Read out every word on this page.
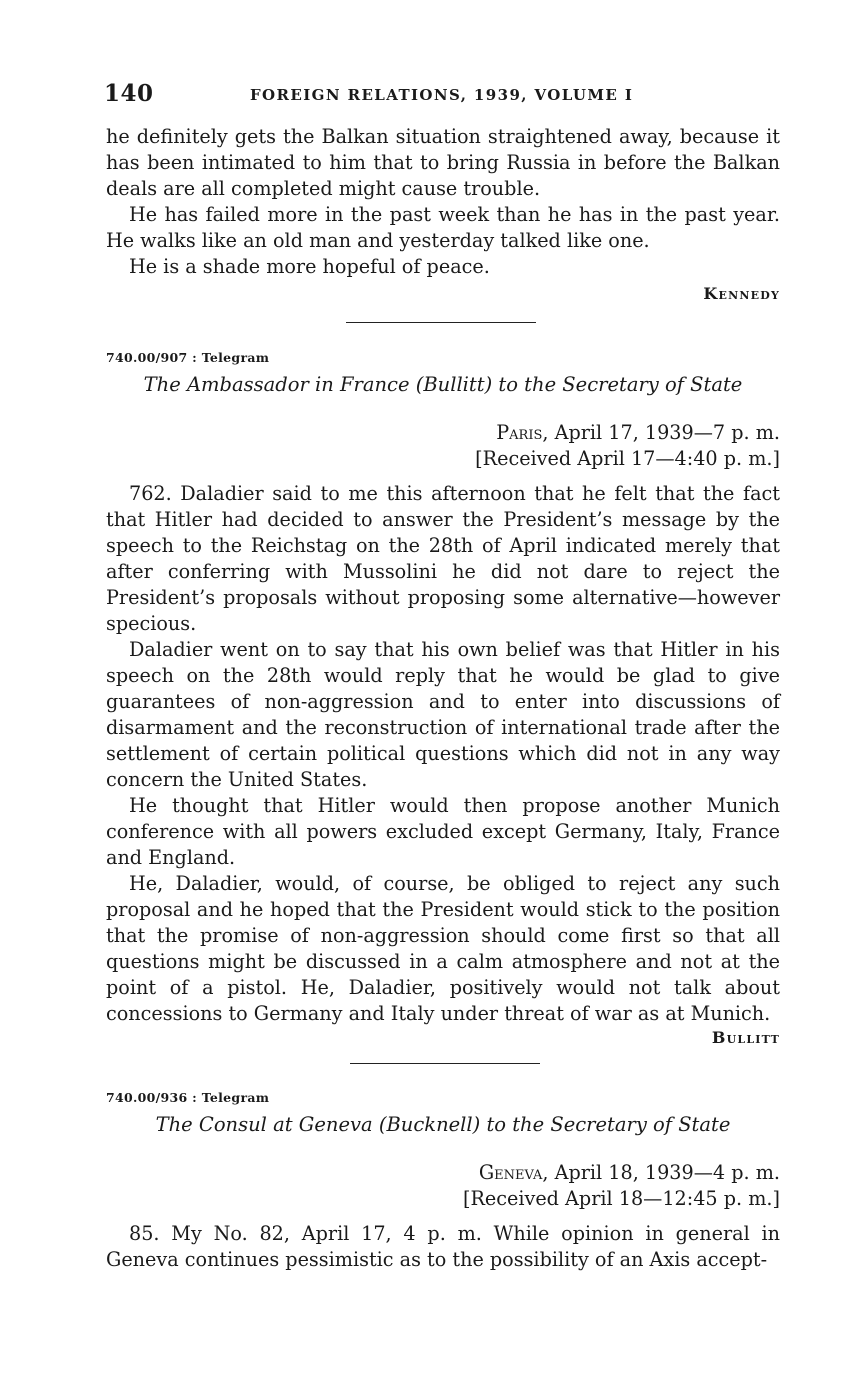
140	FOREIGN RELATIONS, 1939, VOLUME I

he definitely gets the Balkan situation straightened away, because it has been intimated to him that to bring Russia in before the Balkan deals are all completed might cause trouble.

He has failed more in the past week than he has in the past year. He walks like an old man and yesterday talked like one.

He is a shade more hopeful of peace.

Kennedy
740.00/907 : Telegram
The Ambassador in France (Bullitt) to the Secretary of State
Paris, April 17, 1939—7 p. m.
[Received April 17—4:40 p. m.]

762. Daladier said to me this afternoon that he felt that the fact that Hitler had decided to answer the President’s message by the speech to the Reichstag on the 28th of April indicated merely that after conferring with Mussolini he did not dare to reject the President’s proposals without proposing some alternative—however specious.

Daladier went on to say that his own belief was that Hitler in his speech on the 28th would reply that he would be glad to give guarantees of non-aggression and to enter into discussions of disarmament and the reconstruction of international trade after the settlement of certain political questions which did not in any way concern the United States.

He thought that Hitler would then propose another Munich conference with all powers excluded except Germany, Italy, France and England.

He, Daladier, would, of course, be obliged to reject any such proposal and he hoped that the President would stick to the position that the promise of non-aggression should come first so that all questions might be discussed in a calm atmosphere and not at the point of a pistol. He, Daladier, positively would not talk about concessions to Germany and Italy under threat of war as at Munich.

Bullitt
740.00/936 : Telegram
The Consul at Geneva (Bucknell) to the Secretary of State
Geneva, April 18, 1939—4 p. m.
[Received April 18—12:45 p. m.]

85. My No. 82, April 17, 4 p. m. While opinion in general in Geneva continues pessimistic as to the possibility of an Axis accept-
